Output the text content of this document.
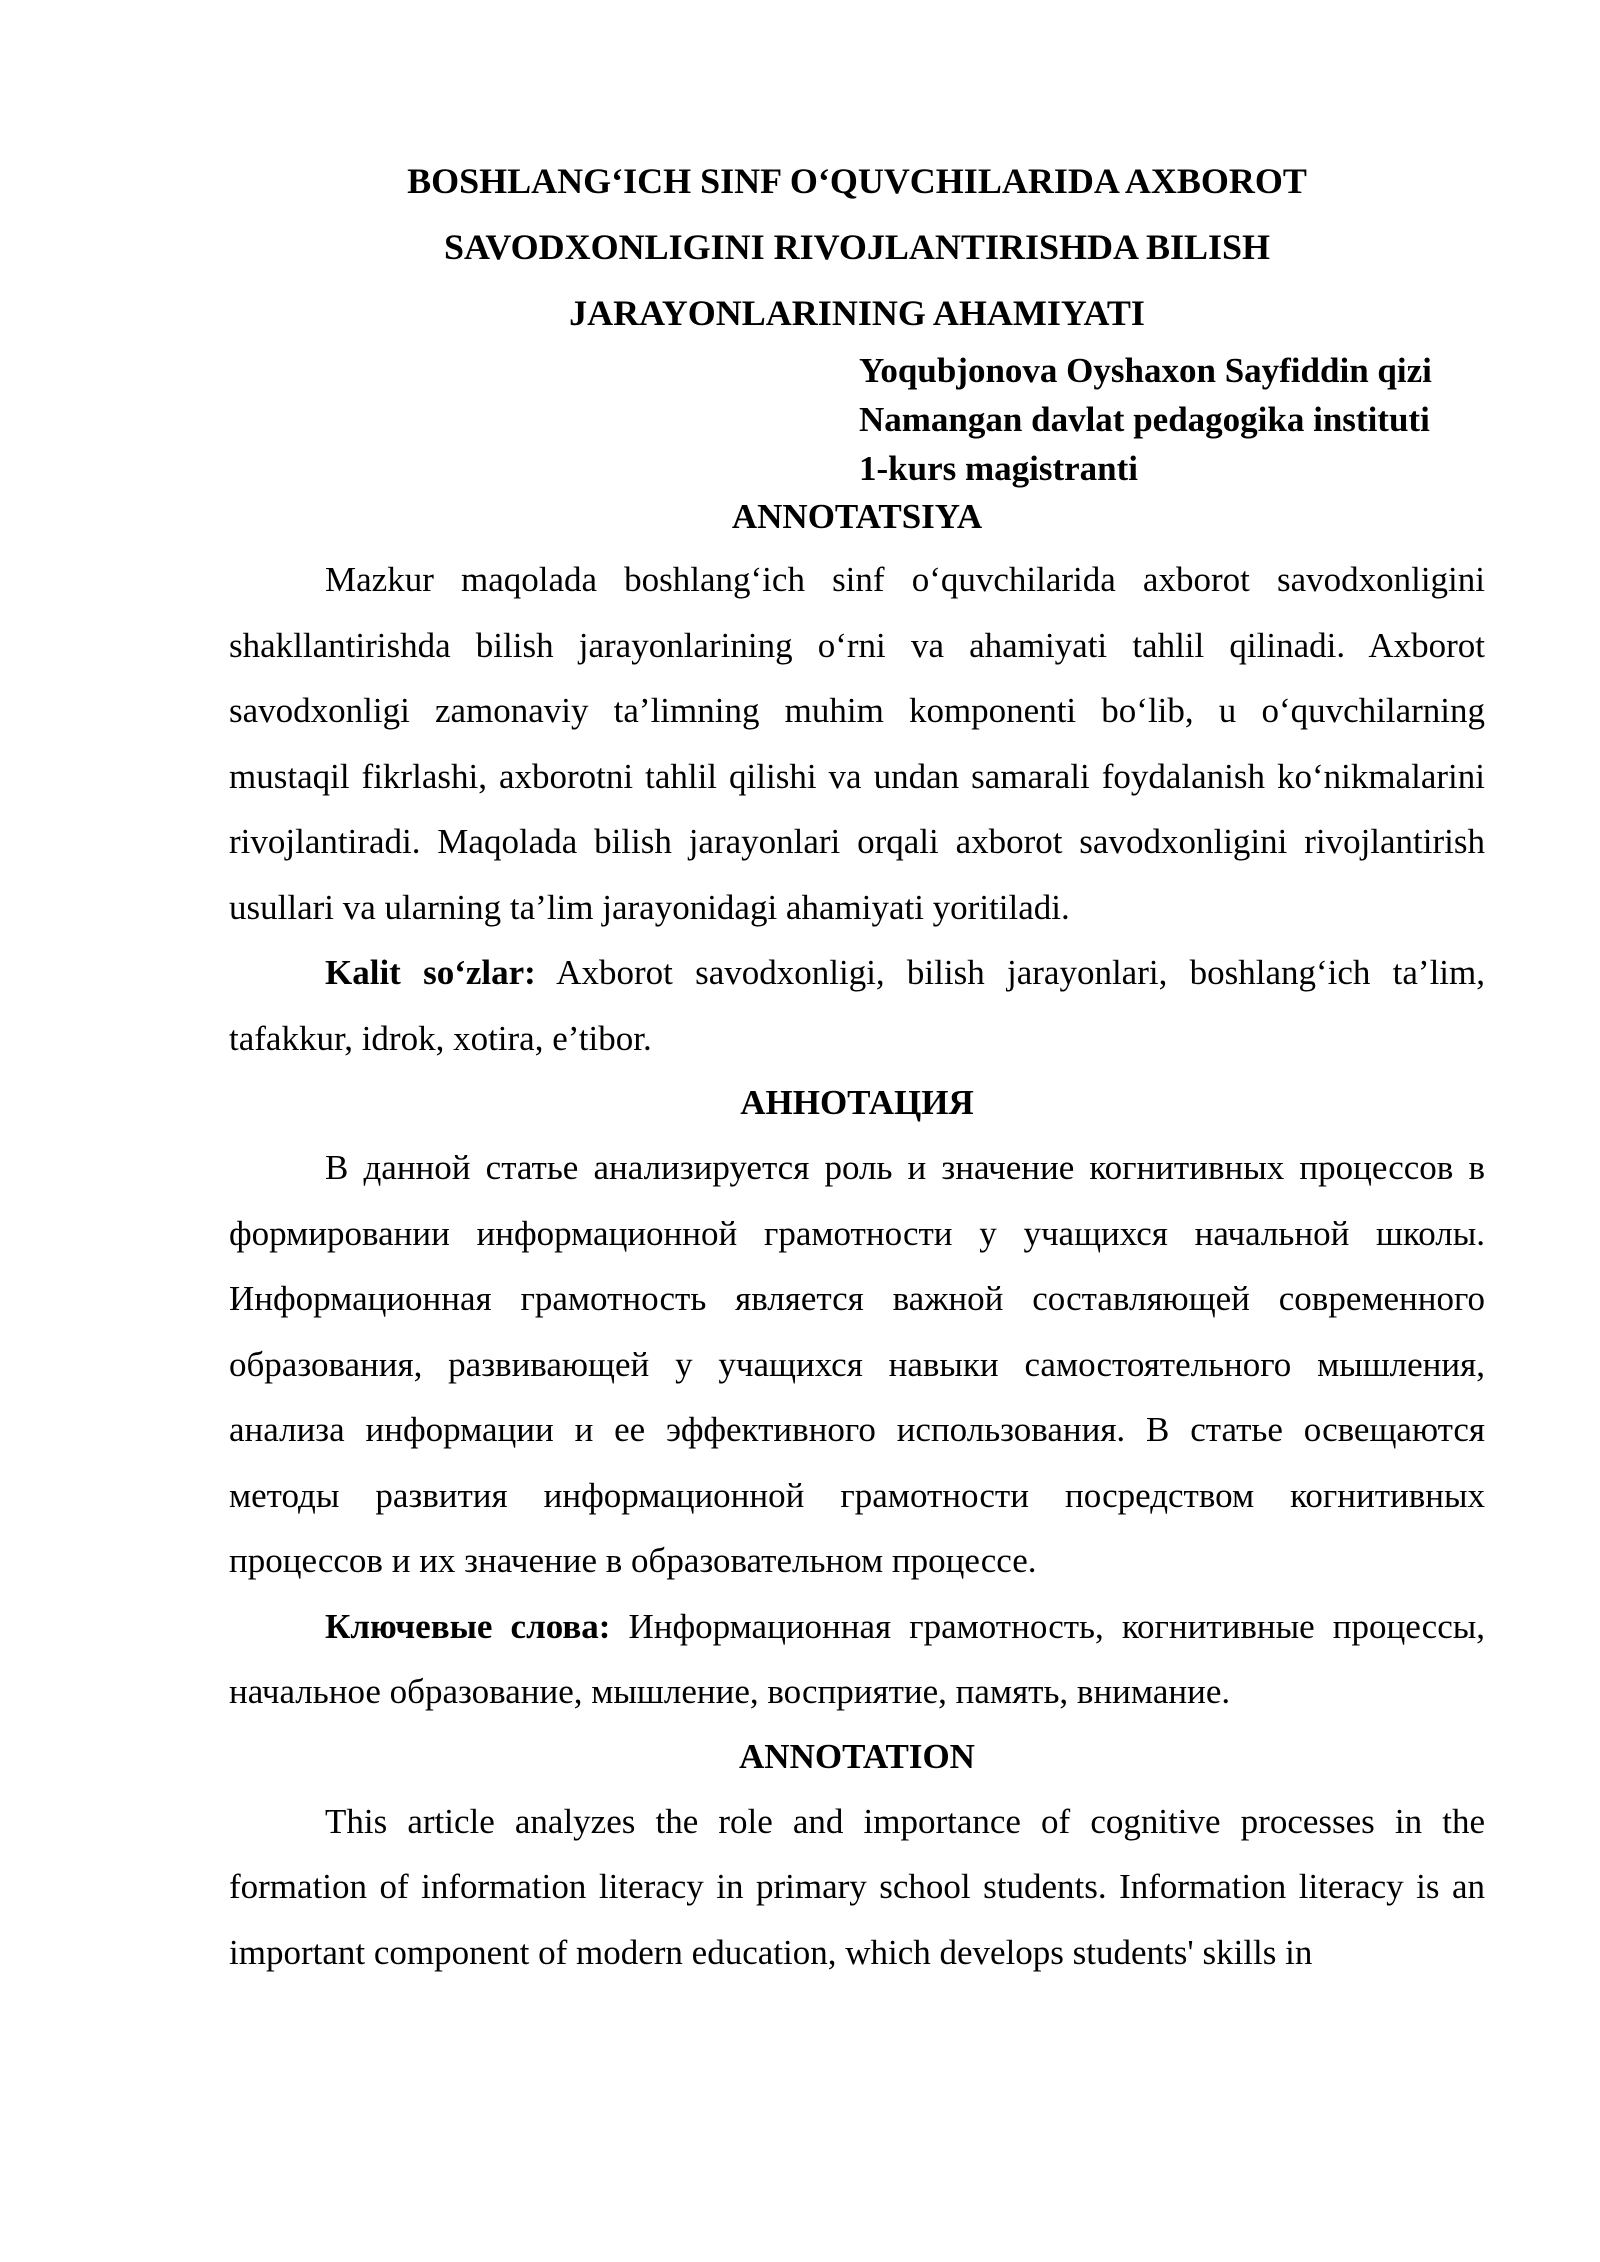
BOSHLANG‘ICH SINF O‘QUVCHILARIDA AXBOROT
SAVODXONLIGINI RIVOJLANTIRISHDA BILISH
JARAYONLARINING AHAMIYATI
Yoqubjonova Oyshaxon Sayfiddin qizi
Namangan davlat pedagogika instituti
1-kurs magistranti
ANNOTATSIYA

Mazkur maqolada boshlang‘ich sinf o‘quvchilarida axborot savodxonligini shakllantirishda bilish jarayonlarining o‘rni va ahamiyati tahlil qilinadi. Axborot savodxonligi zamonaviy ta’limning muhim komponenti bo‘lib, u o‘quvchilarning mustaqil fikrlashi, axborotni tahlil qilishi va undan samarali foydalanish ko‘nikmalarini rivojlantiradi. Maqolada bilish jarayonlari orqali axborot savodxonligini rivojlantirish usullari va ularning ta’lim jarayonidagi ahamiyati yoritiladi.

Kalit so‘zlar: Axborot savodxonligi, bilish jarayonlari, boshlang‘ich ta’lim, tafakkur, idrok, xotira, e’tibor.

АННОТАЦИЯ

В данной статье анализируется роль и значение когнитивных процессов в формировании информационной грамотности у учащихся начальной школы. Информационная грамотность является важной составляющей современного образования, развивающей у учащихся навыки самостоятельного мышления, анализа информации и ее эффективного использования. В статье освещаются методы развития информационной грамотности посредством когнитивных процессов и их значение в образовательном процессе.

Ключевые слова: Информационная грамотность, когнитивные процессы, начальное образование, мышление, восприятие, память, внимание.

ANNOTATION

This article analyzes the role and importance of cognitive processes in the formation of information literacy in primary school students. Information literacy is an important component of modern education, which develops students' skills in
